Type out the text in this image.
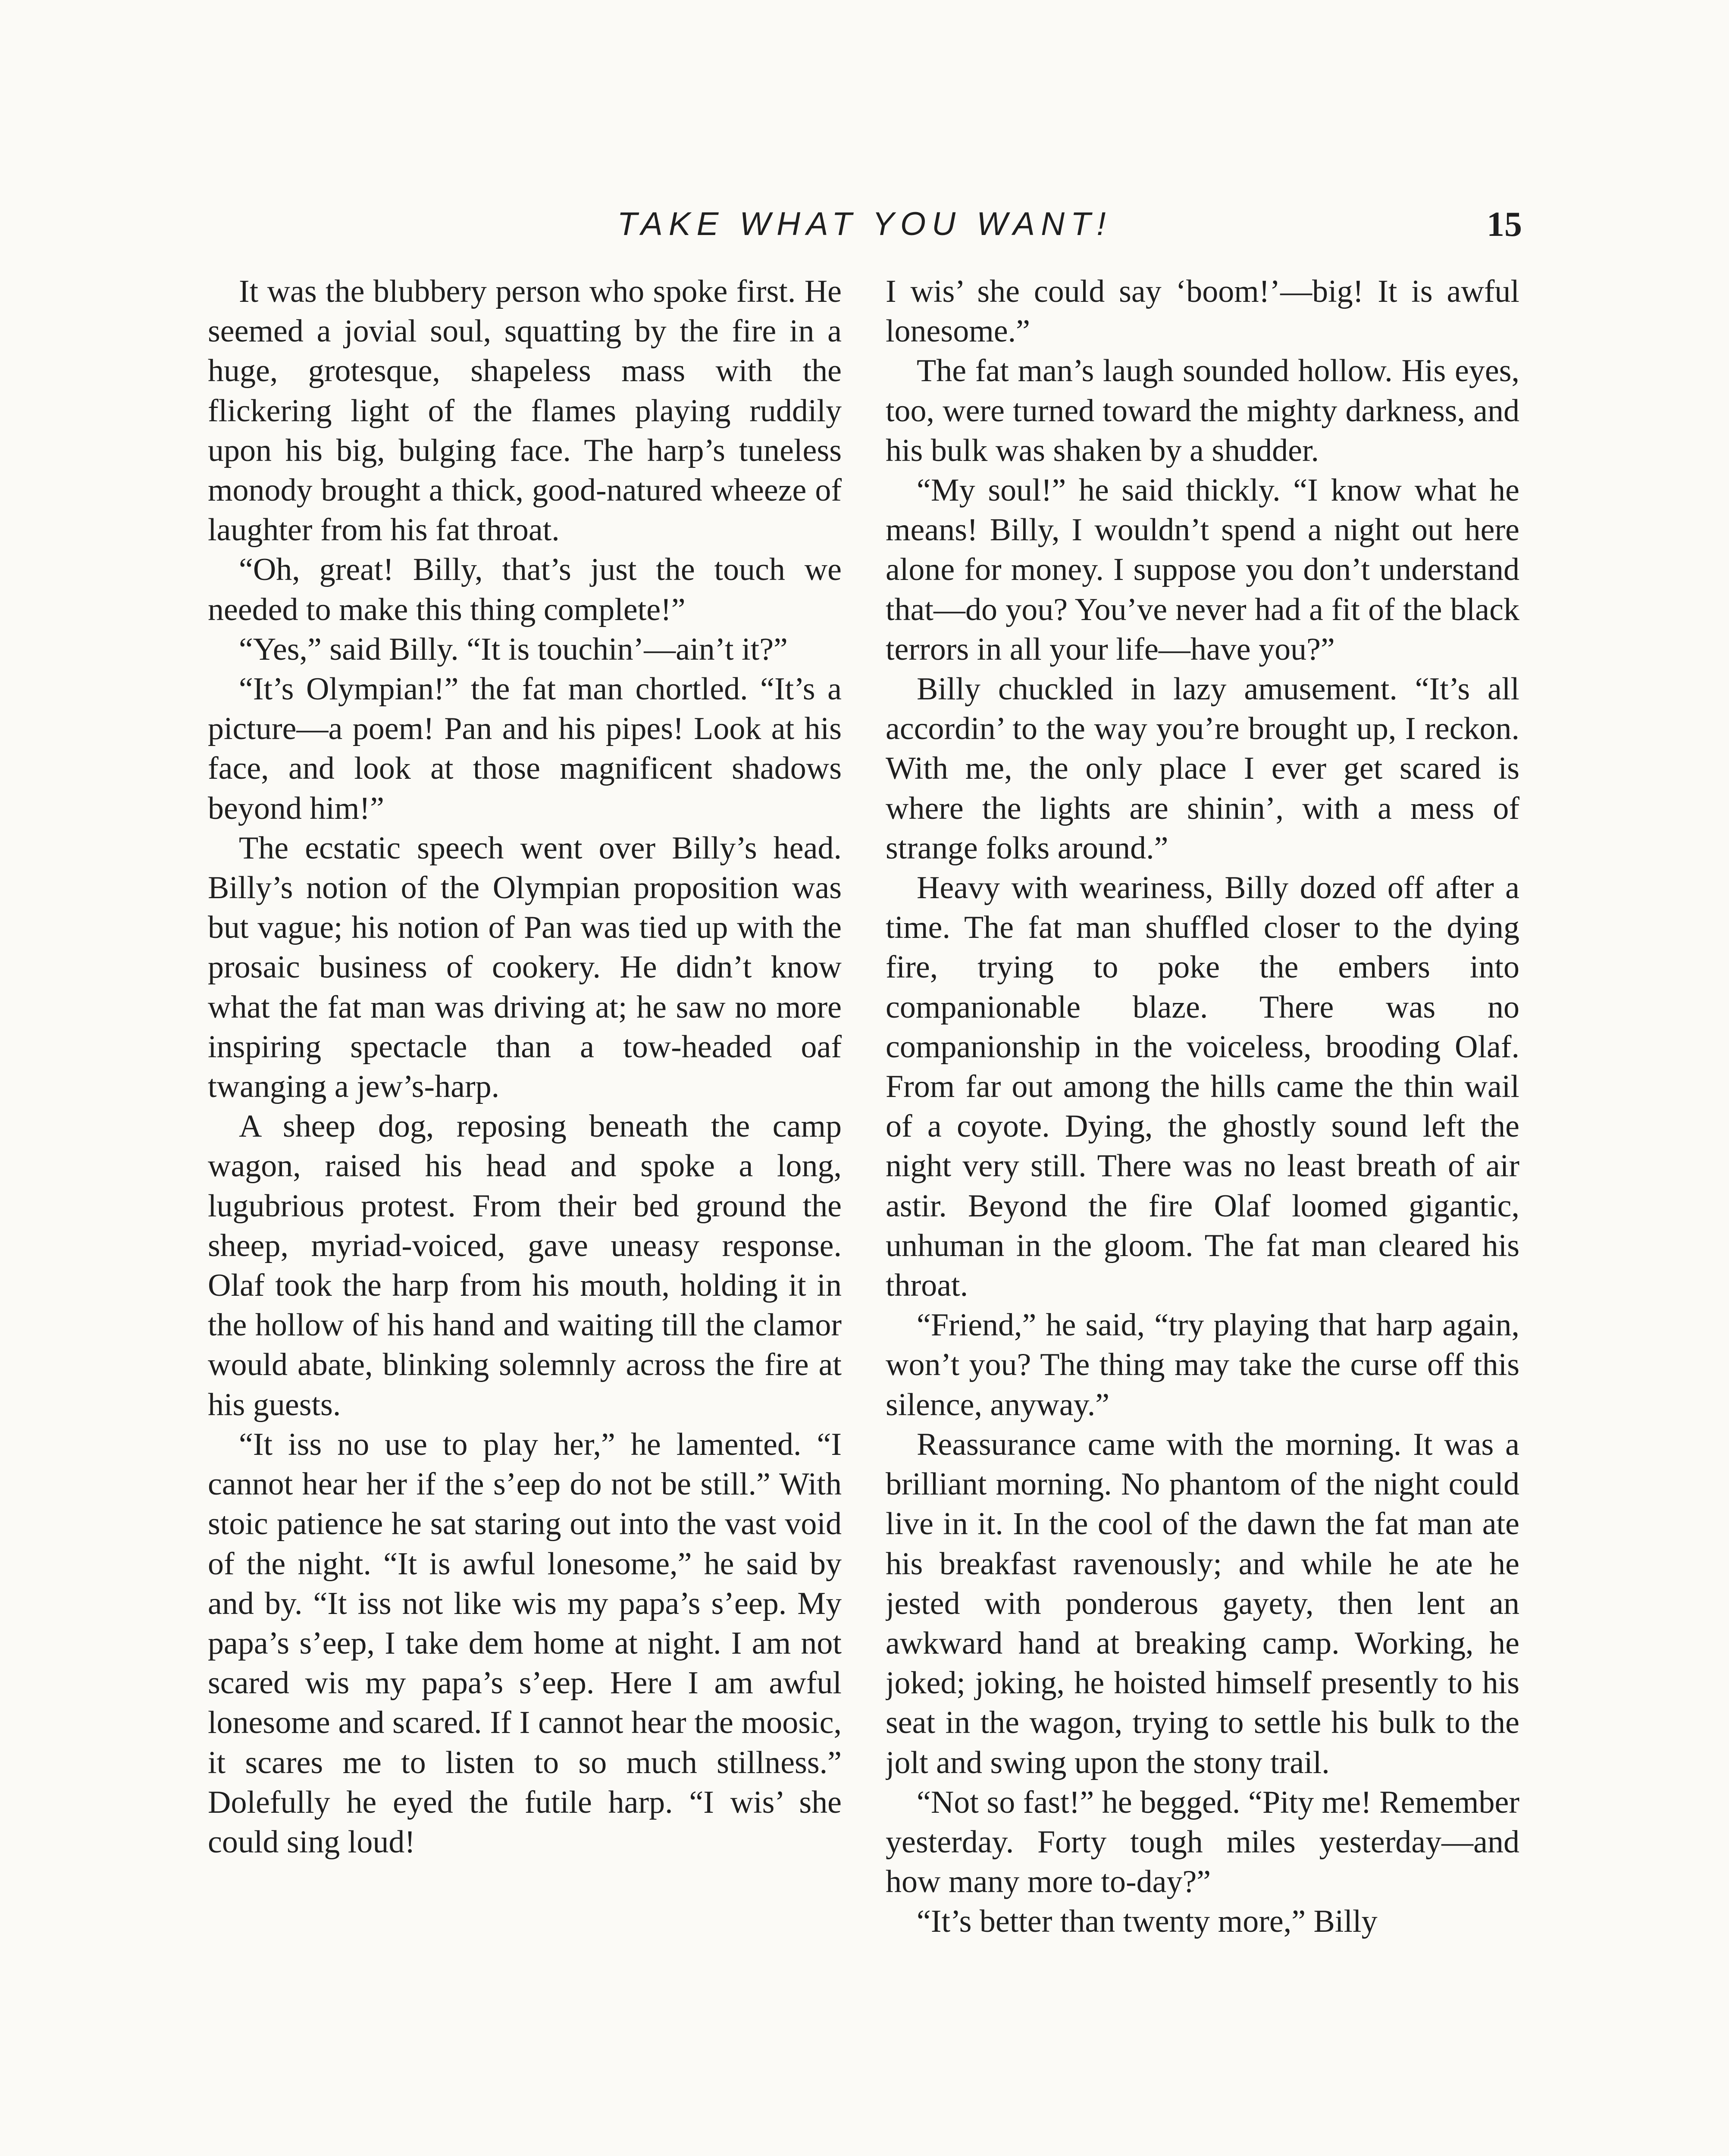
TAKE WHAT YOU WANT!	15

It was the blubbery person who spoke first. He seemed a jovial soul, squatting by the fire in a huge, grotesque, shapeless mass with the flickering light of the flames playing ruddily upon his big, bulging face. The harp’s tuneless monody brought a thick, good-natured wheeze of laughter from his fat throat.

“Oh, great! Billy, that’s just the touch we needed to make this thing complete!”

“Yes,” said Billy. “It is touchin’—ain’t it?”

“It’s Olympian!” the fat man chortled. “It’s a picture—a poem! Pan and his pipes! Look at his face, and look at those magnificent shadows beyond him!”

The ecstatic speech went over Billy’s head. Billy’s notion of the Olympian proposition was but vague; his notion of Pan was tied up with the prosaic business of cookery. He didn’t know what the fat man was driving at; he saw no more inspiring spectacle than a tow-headed oaf twanging a jew’s-harp.

A sheep dog, reposing beneath the camp wagon, raised his head and spoke a long, lugubrious protest. From their bed ground the sheep, myriad-voiced, gave uneasy response. Olaf took the harp from his mouth, holding it in the hollow of his hand and waiting till the clamor would abate, blinking solemnly across the fire at his guests.

“It iss no use to play her,” he lamented. “I cannot hear her if the s’eep do not be still.” With stoic patience he sat staring out into the vast void of the night. “It is awful lonesome,” he said by and by. “It iss not like wis my papa’s s’eep. My papa’s s’eep, I take dem home at night. I am not scared wis my papa’s s’eep. Here I am awful lonesome and scared. If I cannot hear the moosic, it scares me to listen to so much stillness.” Dolefully he eyed the futile harp. “I wis’ she could sing loud!

I wis’ she could say ‘boom!’—big! It is awful lonesome.”

The fat man’s laugh sounded hollow. His eyes, too, were turned toward the mighty darkness, and his bulk was shaken by a shudder.

“My soul!” he said thickly. “I know what he means! Billy, I wouldn’t spend a night out here alone for money. I suppose you don’t understand that—do you? You’ve never had a fit of the black terrors in all your life—have you?”

Billy chuckled in lazy amusement. “It’s all accordin’ to the way you’re brought up, I reckon. With me, the only place I ever get scared is where the lights are shinin’, with a mess of strange folks around.”

Heavy with weariness, Billy dozed off after a time. The fat man shuffled closer to the dying fire, trying to poke the embers into companionable blaze. There was no companionship in the voiceless, brooding Olaf. From far out among the hills came the thin wail of a coyote. Dying, the ghostly sound left the night very still. There was no least breath of air astir. Beyond the fire Olaf loomed gigantic, unhuman in the gloom. The fat man cleared his throat.

“Friend,” he said, “try playing that harp again, won’t you? The thing may take the curse off this silence, anyway.”

Reassurance came with the morning. It was a brilliant morning. No phantom of the night could live in it. In the cool of the dawn the fat man ate his breakfast ravenously; and while he ate he jested with ponderous gayety, then lent an awkward hand at breaking camp. Working, he joked; joking, he hoisted himself presently to his seat in the wagon, trying to settle his bulk to the jolt and swing upon the stony trail.

“Not so fast!” he begged. “Pity me! Remember yesterday. Forty tough miles yesterday—and how many more to-day?”

“It’s better than twenty more,” Billy
